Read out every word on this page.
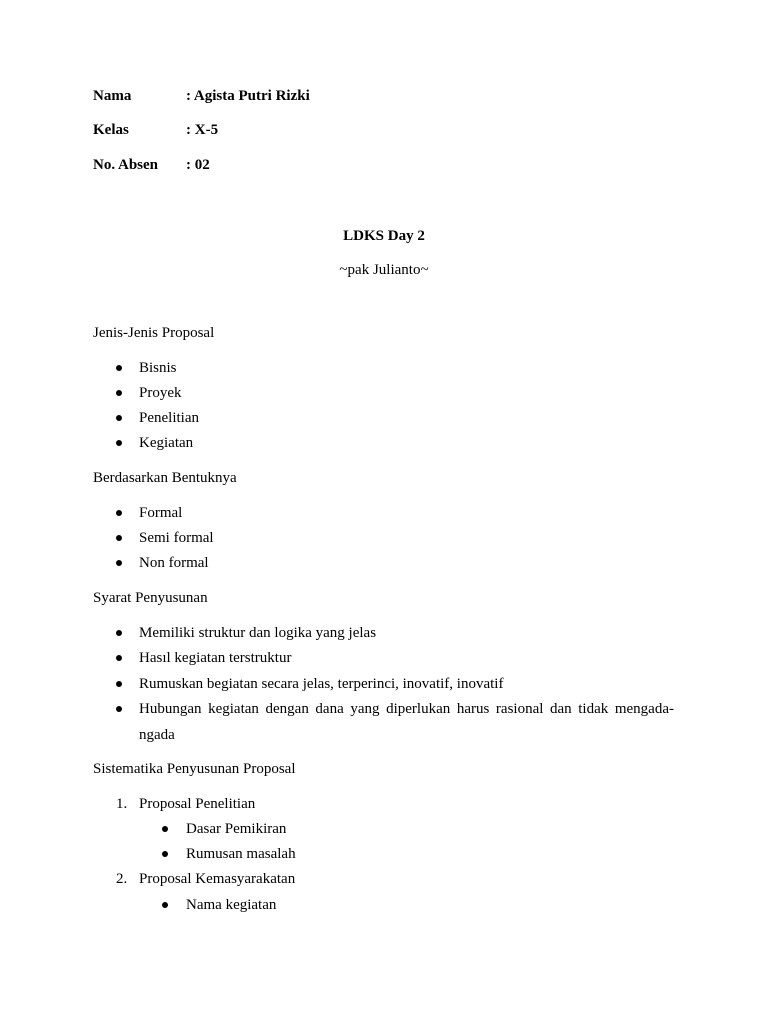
Nama	: Agista Putri Rizki
Kelas	: X-5
No. Absen : 02
LDKS Day 2
~pak Julianto~
Jenis-Jenis Proposal
Bisnis
Proyek
Penelitian
Kegiatan
Berdasarkan Bentuknya
Formal
Semi formal
Non formal
Syarat Penyusunan
Memiliki struktur dan logika yang jelas
Hasıl kegiatan terstruktur
Rumuskan begiatan secara jelas, terperinci, inovatif, inovatif
Hubungan kegiatan dengan dana yang diperlukan harus rasional dan tidak mengada-
ngada
Sistematika Penyusunan Proposal
1. Proposal Penelitian
Dasar Pemikiran
Rumusan masalah
2. Proposal Kemasyarakatan
Nama kegiatan
